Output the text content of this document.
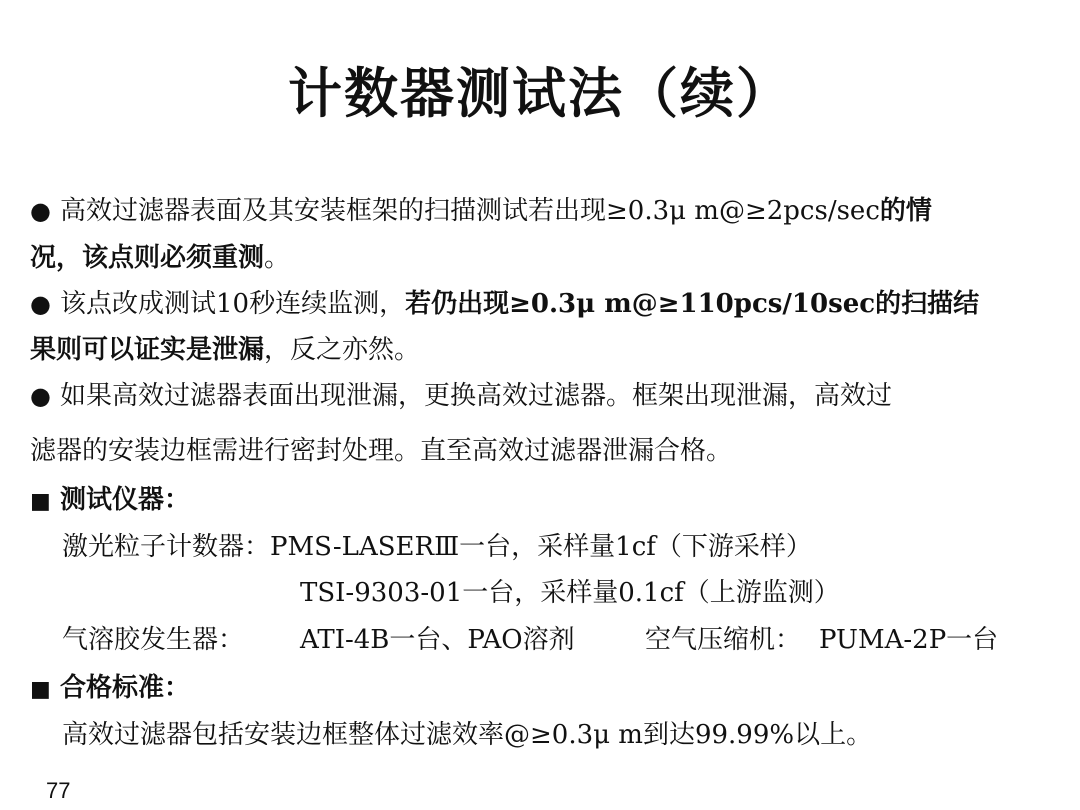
计数器测试法（续）
● 高效过滤器表面及其安装框架的扫描测试若出现≥0.3μ m@≥2pcs/sec的情
况，该点则必须重测。
● 该点改成测试10秒连续监测，若仍出现≥0.3μ m@≥110pcs/10sec的扫描结
果则可以证实是泄漏，反之亦然。
● 如果高效过滤器表面出现泄漏，更换高效过滤器。框架出现泄漏，高效过
滤器的安装边框需进行密封处理。直至高效过滤器泄漏合格。
■ 测试仪器：
激光粒子计数器：PMS-LASERⅢ一台，采样量1cf（下游采样）
TSI-9303-01一台，采样量0.1cf（上游监测）
气溶胶发生器： ATI-4B一台、PAO溶剂	空气压缩机： PUMA-2P一台
■ 合格标准：
高效过滤器包括安装边框整体过滤效率@≥0.3μ m到达99.99%以上。
77
